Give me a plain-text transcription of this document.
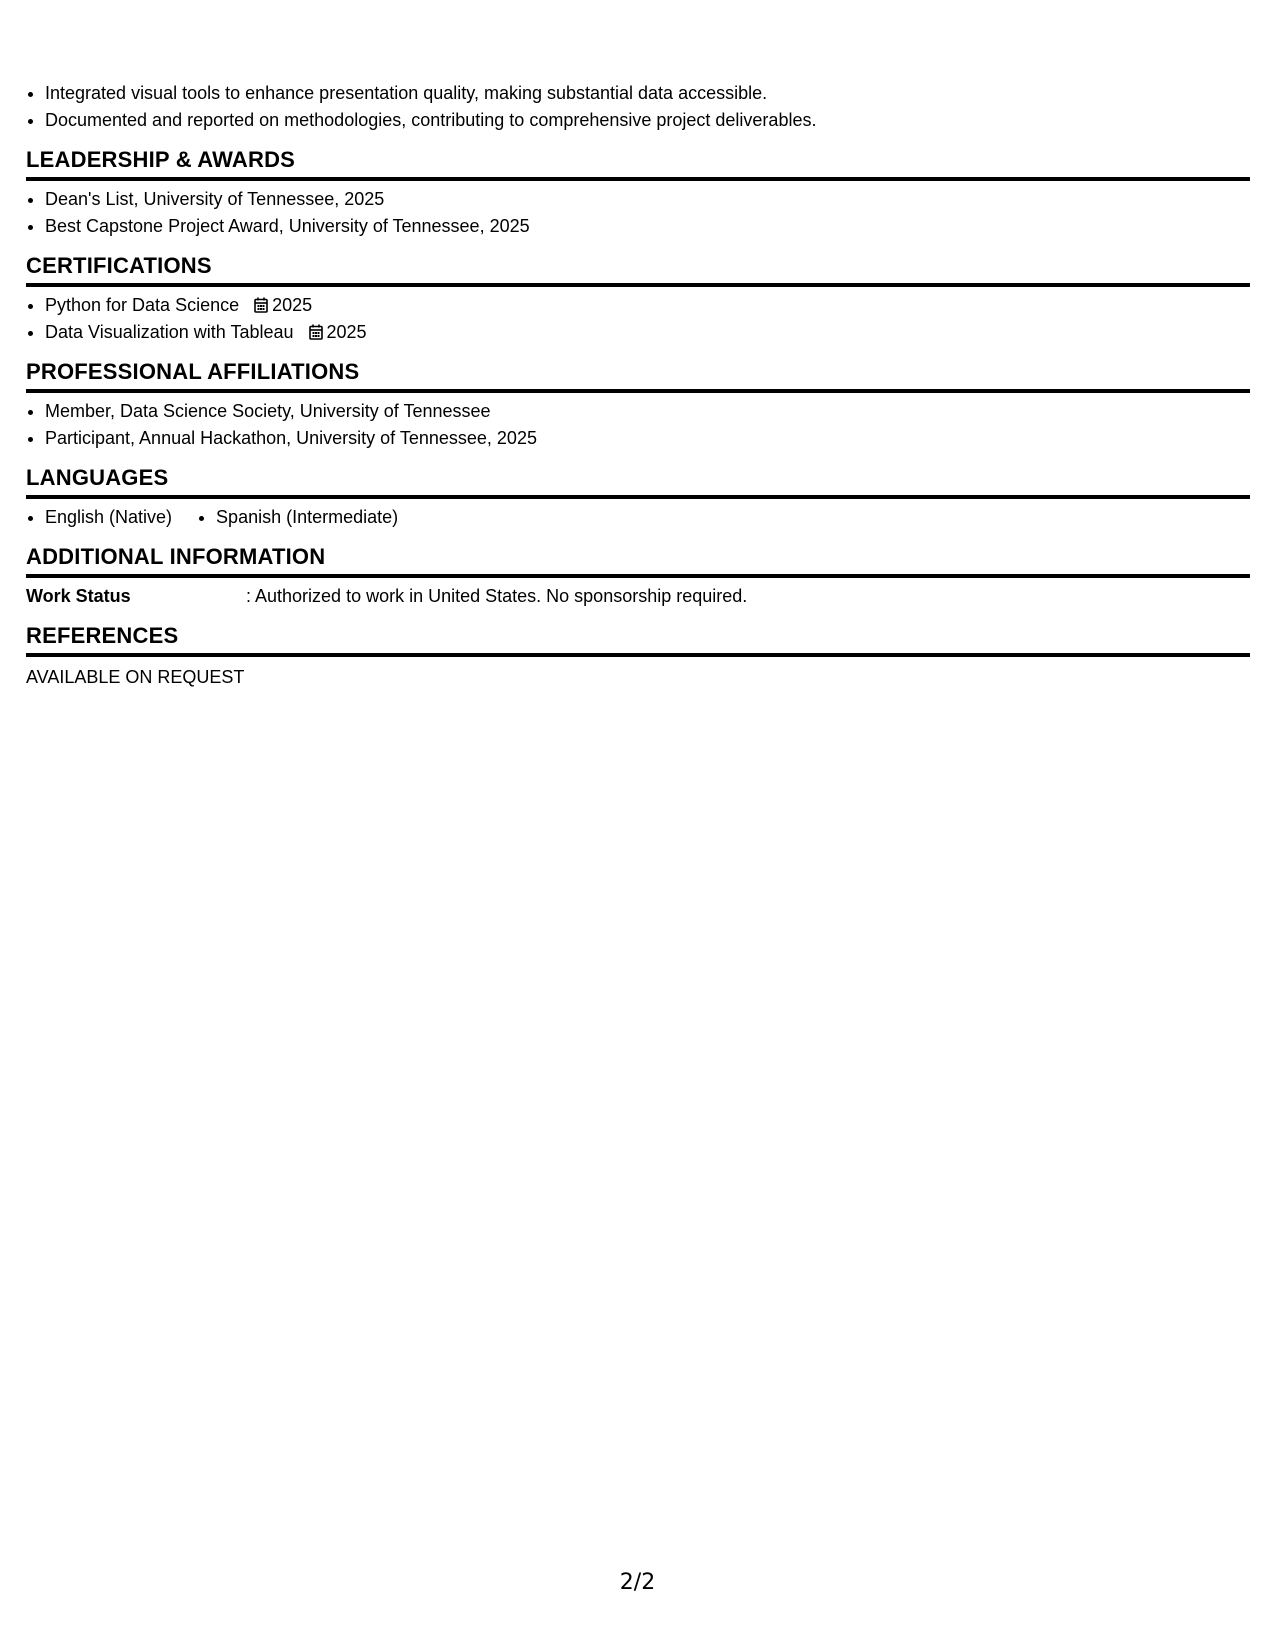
• Integrated visual tools to enhance presentation quality, making substantial data accessible.
• Documented and reported on methodologies, contributing to comprehensive project deliverables.
LEADERSHIP & AWARDS
• Dean's List, University of Tennessee, 2025
• Best Capstone Project Award, University of Tennessee, 2025
CERTIFICATIONS
• Python for Data Science 2025
• Data Visualization with Tableau 2025
PROFESSIONAL AFFILIATIONS
• Member, Data Science Society, University of Tennessee
• Participant, Annual Hackathon, University of Tennessee, 2025
LANGUAGES
• English (Native)
• Spanish (Intermediate)
ADDITIONAL INFORMATION
Work Status	: Authorized to work in United States. No sponsorship required.
REFERENCES
AVAILABLE ON REQUEST
2/2
